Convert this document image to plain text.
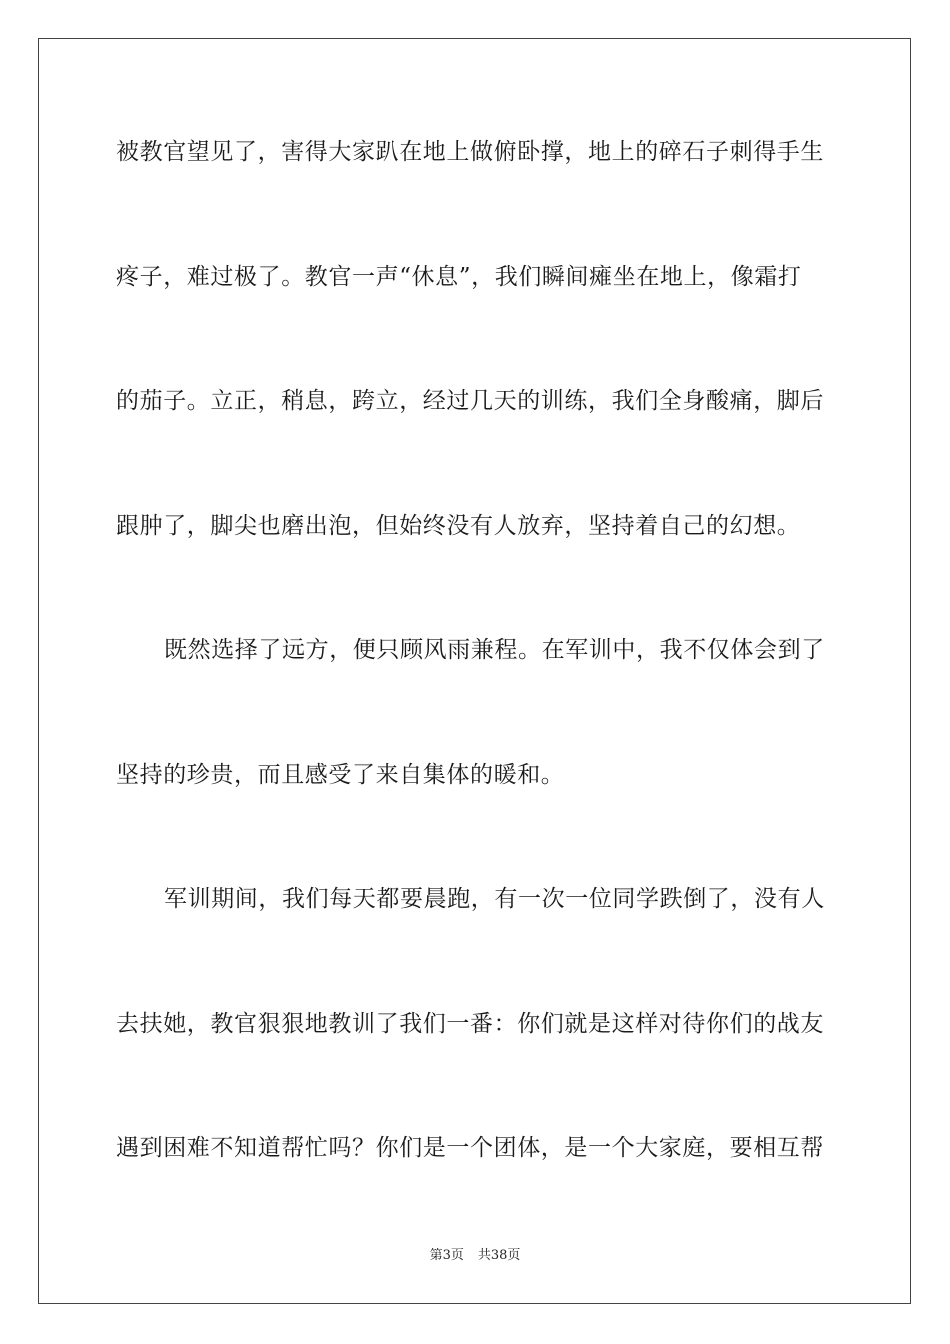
被教官望见了，害得大家趴在地上做俯卧撑，地上的碎石子刺得手生
疼子，难过极了。教官一声“休息”，我们瞬间瘫坐在地上，像霜打
的茄子。立正，稍息，跨立，经过几天的训练，我们全身酸痛，脚后
跟肿了，脚尖也磨出泡，但始终没有人放弃，坚持着自己的幻想。
既然选择了远方，便只顾风雨兼程。在军训中，我不仅体会到了
坚持的珍贵，而且感受了来自集体的暖和。
军训期间，我们每天都要晨跑，有一次一位同学跌倒了，没有人
去扶她，教官狠狠地教训了我们一番：你们就是这样对待你们的战友
遇到困难不知道帮忙吗？你们是一个团体，是一个大家庭，要相互帮
第3页 共38页
